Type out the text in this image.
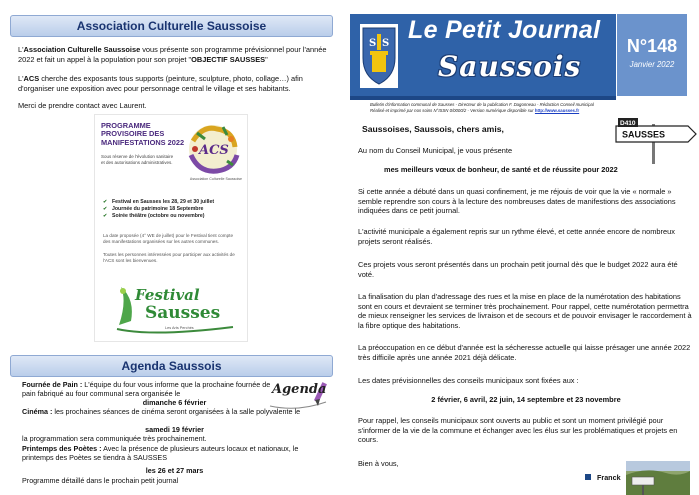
Association Culturelle Saussoise

L'Association Culturelle Saussoise vous présente son programme prévisionnel pour l'année 2022 et fait un appel à la population pour son projet "OBJECTIF SAUSSES"

L'ACS cherche des exposants tous supports (peinture, sculpture, photo, collage…) afin d'organiser une exposition avec pour personnage central le village et ses habitants.

Merci de prendre contact avec Laurent.

PROGRAMME PROVISOIRE DES MANIFESTATIONS 2022
Sous réserve de l'évolution sanitaire et des autorisations administratives.
ACS
Association Culturelle Saussoise
✔ Festival en Sausses les 28, 29 et 30 juillet
✔ Journée du patrimoine 18 Septembre
✔ Soirée théâtre (octobre ou novembre)
La date proposée (4° WE de juillet) pour le Festival tient compte des manifestations organisées sur les autres communes.
Toutes les personnes intéressées pour participer aux activités de l'ACS sont les bienvenues.
Festival
Sausses
Les Arts Perchés
Agenda Saussois
Agenda

Fournée de Pain : L'équipe du four vous informe que la prochaine fournée de pain fabriqué au four communal sera organisée le

dimanche 6 février

Cinéma : les prochaines séances de cinéma seront organisées à la salle polyvalente le

samedi 19 février

la programmation sera communiquée très prochainement.

Printemps des Poètes : Avec la présence de plusieurs auteurs locaux et nationaux, le printemps des Poètes se tiendra à SAUSSES

les 26 et 27 mars

Programme détaillé dans le prochain petit journal

S S Le Petit Journal
Saussois
N°148
Janvier 2022
Bulletin d'information communal de Sausses - Directeur de la publication F. Dagonneau - Rédaction Conseil municipal
Réalisé et imprimé par nos soins N°ISSN 0/0000/2 - Version numérique disponible sur http://www.sausses.fr
D410
SAUSSES
Saussoises, Saussois, chers amis,

Au nom du Conseil Municipal, je vous présente

mes meilleurs vœux de bonheur, de santé et de réussite pour 2022

Si cette année a débuté dans un quasi confinement, je me réjouis de voir que la vie « normale » semble reprendre son cours à la lecture des nombreuses dates de manifestions des associations indiquées dans ce petit journal.

L'activité municipale a également repris sur un rythme élevé, et cette année encore de nombreux projets seront réalisés.

Ces projets vous seront présentés dans un prochain petit journal dès que le budget 2022 aura été voté.

La finalisation du plan d'adressage des rues et la mise en place de la numérotation des habitations sont en cours et devraient se terminer très prochainement. Pour rappel, cette numérotation permettra de mieux renseigner les services de livraison et de secours et de pouvoir envisager le raccordement à la fibre optique des habitations.

La préoccupation en ce début d'année est la sécheresse actuelle qui laisse présager une année 2022 très difficile après une année 2021 déjà délicate.

Les dates prévisionnelles des conseils municipaux sont fixées aux :

2 février, 6 avril, 22 juin, 14 septembre et 23 novembre

Pour rappel, les conseils municipaux sont ouverts au public et sont un moment privilégié pour s'informer de la vie de la commune et échanger avec les élus sur les problématiques et projets en cours.

Bien à vous,

Franck
